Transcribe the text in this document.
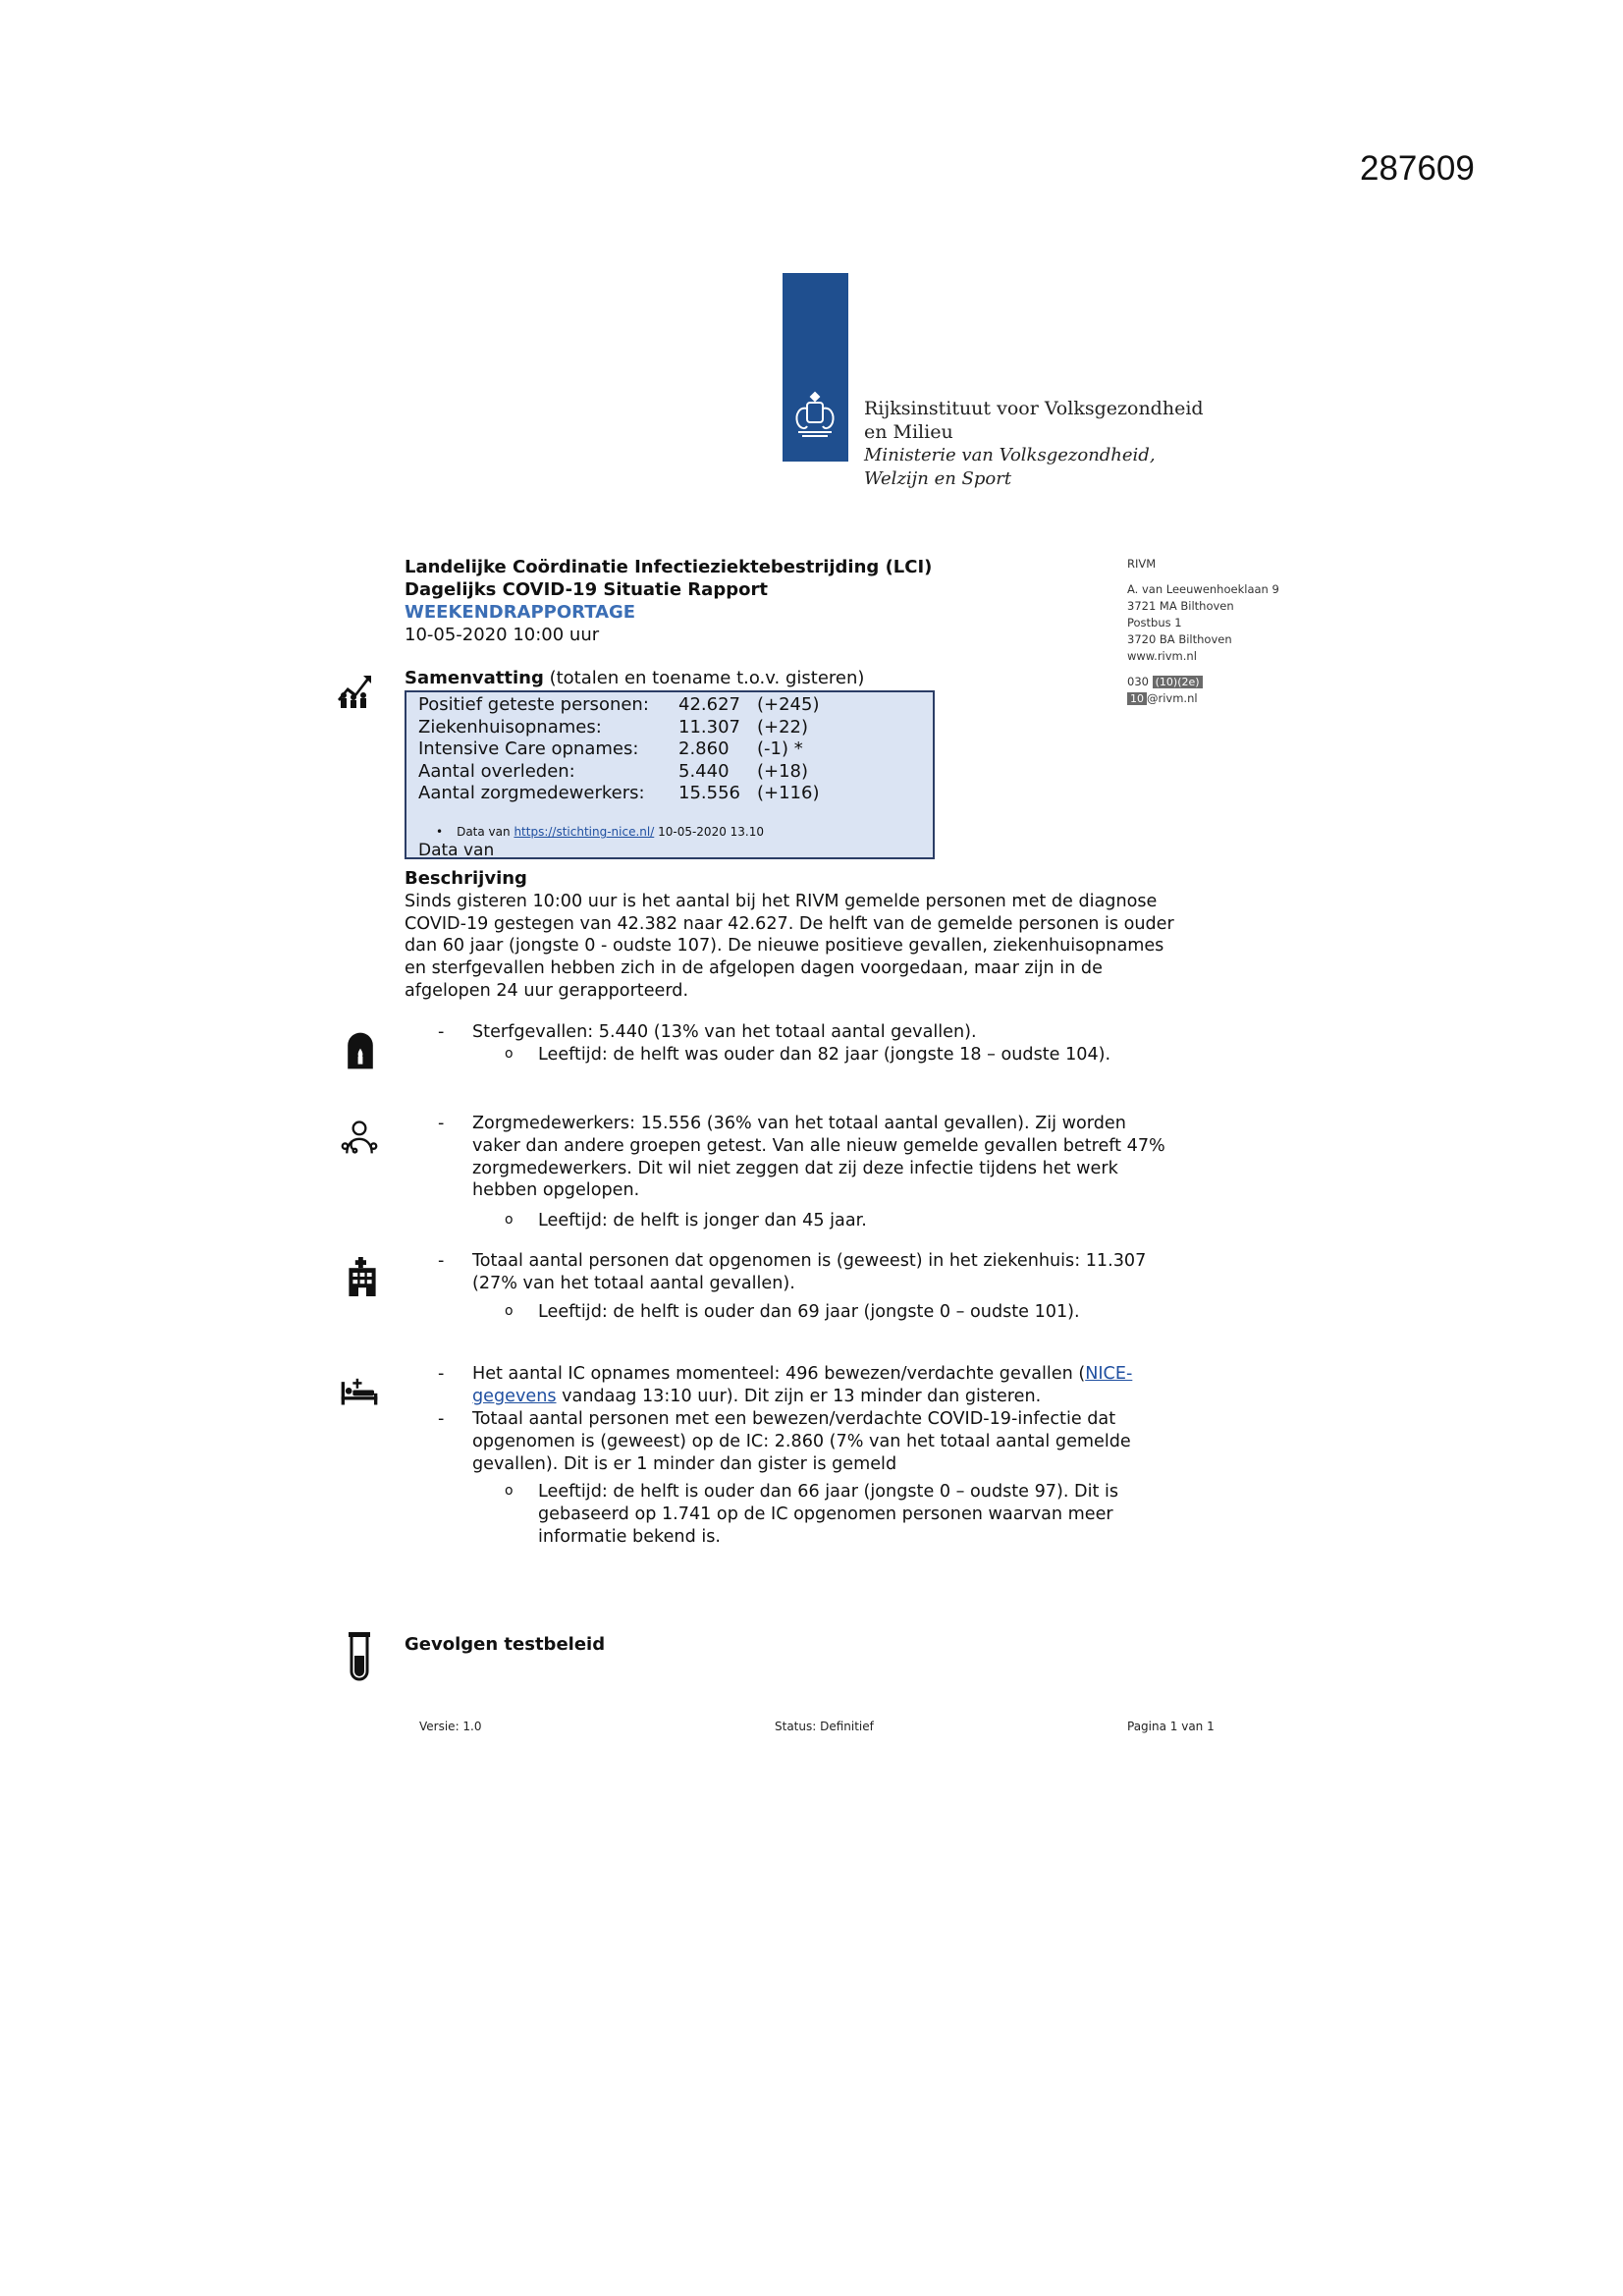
287609
Rijksinstituut voor Volksgezondheid
en Milieu
Ministerie van Volksgezondheid,
Welzijn en Sport
Landelijke Coördinatie Infectieziektebestrijding (LCI)
Dagelijks COVID-19 Situatie Rapport
WEEKENDRAPPORTAGE
10-05-2020 10:00 uur
RIVM
A. van Leeuwenhoeklaan 9
3721 MA Bilthoven
Postbus 1
3720 BA Bilthoven
www.rivm.nl
030 (10)(2e)
10 @rivm.nl
Samenvatting (totalen en toename t.o.v. gisteren)
Positief geteste personen:	42.627	(+245)
Ziekenhuisopnames:	11.307	(+22)
Intensive Care opnames:	2.860	(-1) *
Aantal overleden:	5.440	(+18)
Aantal zorgmedewerkers:	15.556	(+116)
• Data van https://stichting-nice.nl/ 10-05-2020 13.10
Data van
Beschrijving
Sinds gisteren 10:00 uur is het aantal bij het RIVM gemelde personen met de diagnose
COVID-19 gestegen van 42.382 naar 42.627. De helft van de gemelde personen is ouder
dan 60 jaar (jongste 0 - oudste 107). De nieuwe positieve gevallen, ziekenhuisopnames
en sterfgevallen hebben zich in de afgelopen dagen voorgedaan, maar zijn in de
afgelopen 24 uur gerapporteerd.
- Sterfgevallen: 5.440 (13% van het totaal aantal gevallen).
o Leeftijd: de helft was ouder dan 82 jaar (jongste 18 – oudste 104).
- Zorgmedewerkers: 15.556 (36% van het totaal aantal gevallen). Zij worden
vaker dan andere groepen getest. Van alle nieuw gemelde gevallen betreft 47%
zorgmedewerkers. Dit wil niet zeggen dat zij deze infectie tijdens het werk
hebben opgelopen.
o Leeftijd: de helft is jonger dan 45 jaar.
- Totaal aantal personen dat opgenomen is (geweest) in het ziekenhuis: 11.307
(27% van het totaal aantal gevallen).
o Leeftijd: de helft is ouder dan 69 jaar (jongste 0 – oudste 101).
- Het aantal IC opnames momenteel: 496 bewezen/verdachte gevallen (NICE-
gegevens vandaag 13:10 uur). Dit zijn er 13 minder dan gisteren.
- Totaal aantal personen met een bewezen/verdachte COVID-19-infectie dat
opgenomen is (geweest) op de IC: 2.860 (7% van het totaal aantal gemelde
gevallen). Dit is er 1 minder dan gister is gemeld
o Leeftijd: de helft is ouder dan 66 jaar (jongste 0 – oudste 97). Dit is
gebaseerd op 1.741 op de IC opgenomen personen waarvan meer
informatie bekend is.
Gevolgen testbeleid
Versie: 1.0	Status: Definitief	Pagina 1 van 1
